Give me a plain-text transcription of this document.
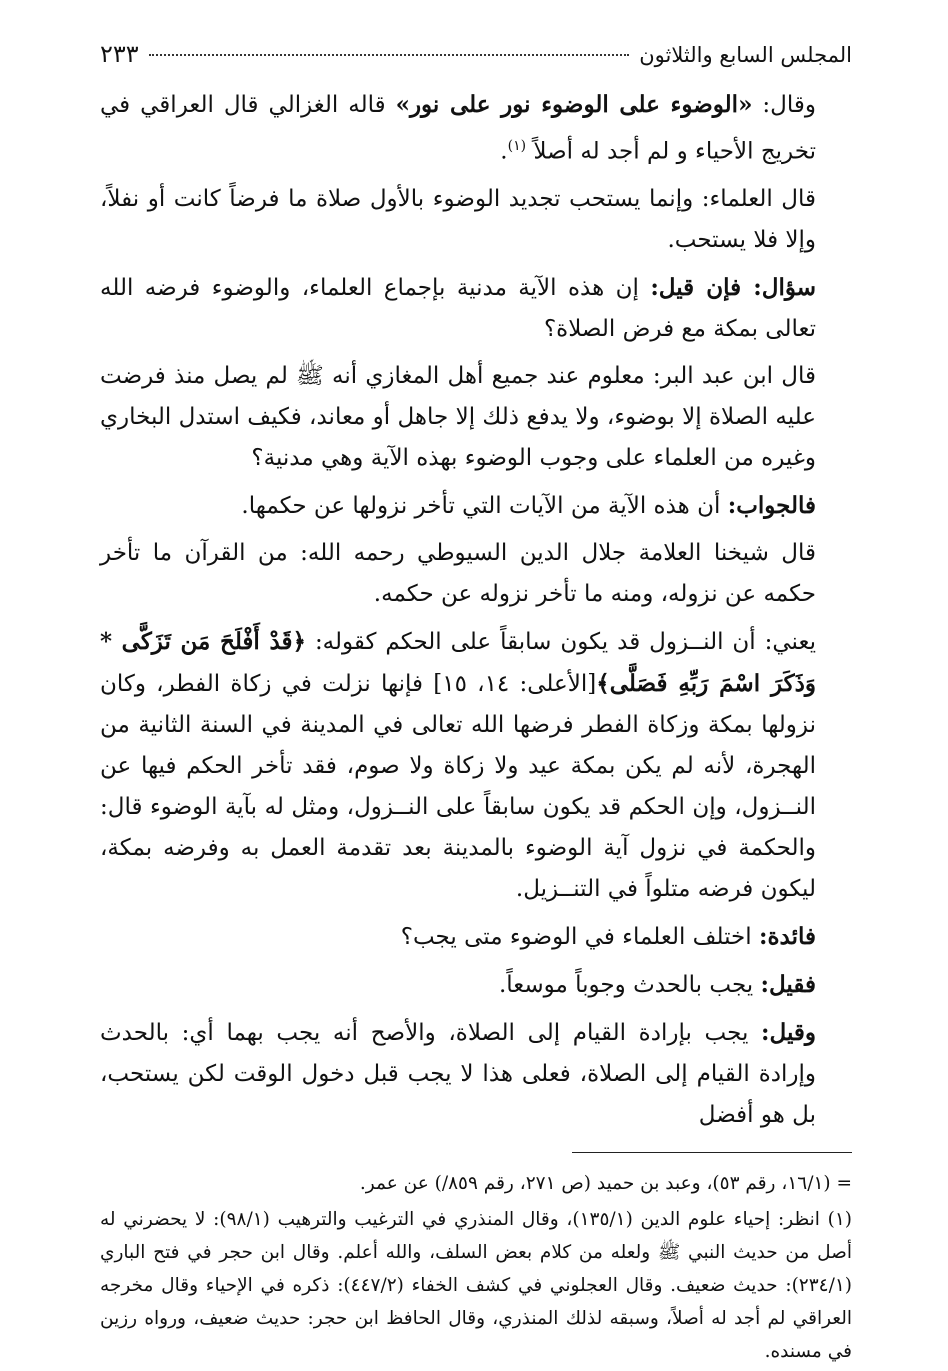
المجلس السابع والثلاثون
٢٣٣

وقال: «الوضوء على الوضوء نور على نور» قاله الغزالي قال العراقي في تخريج الأحياء و لم أجد له أصلاً $^{(١)}$.

قال العلماء: وإنما يستحب تجديد الوضوء بالأول صلاة ما فرضاً كانت أو نفلاً، وإلا فلا يستحب.

سؤال: فإن قيل: إن هذه الآية مدنية بإجماع العلماء، والوضوء فرضه الله تعالى بمكة مع فرض الصلاة؟

قال ابن عبد البر: معلوم عند جميع أهل المغازي أنه ﷺ لم يصل منذ فرضت عليه الصلاة إلا بوضوء، ولا يدفع ذلك إلا جاهل أو معاند، فكيف استدل البخاري وغيره من العلماء على وجوب الوضوء بهذه الآية وهي مدنية؟

فالجواب: أن هذه الآية من الآيات التي تأخر نزولها عن حكمها.

قال شيخنا العلامة جلال الدين السيوطي رحمه الله: من القرآن ما تأخر حكمه عن نزوله، ومنه ما تأخر نزوله عن حكمه.

يعني: أن النــزول قد يكون سابقاً على الحكم كقوله: ﴿قَدْ أَفْلَحَ مَن تَزَكَّى * وَذَكَرَ اسْمَ رَبِّهِ فَصَلَّى﴾[الأعلى: ١٤، ١٥] فإنها نزلت في زكاة الفطر، وكان نزولها بمكة وزكاة الفطر فرضها الله تعالى في المدينة في السنة الثانية من الهجرة، لأنه لم يكن بمكة عيد ولا زكاة ولا صوم، فقد تأخر الحكم فيها عن النــزول، وإن الحكم قد يكون سابقاً على النــزول، ومثل له بآية الوضوء قال: والحكمة في نزول آية الوضوء بالمدينة بعد تقدمة العمل به وفرضه بمكة، ليكون فرضه متلواً في التنــزيل.

فائدة: اختلف العلماء في الوضوء متى يجب؟

فقيل: يجب بالحدث وجوباً موسعاً.

وقيل: يجب بإرادة القيام إلى الصلاة، والأصح أنه يجب بهما أي: بالحدث وإرادة القيام إلى الصلاة، فعلى هذا لا يجب قبل دخول الوقت لكن يستحب، بل هو أفضل

= (١٦/١، رقم ٥٣)، وعبد بن حميد (ص ٢٧١، رقم ٨٥٩/) عن عمر.

(١) انظر: إحياء علوم الدين (١٣٥/١)، وقال المنذري في الترغيب والترهيب (٩٨/١): لا يحضرني له أصل من حديث النبي ﷺ ولعله من كلام بعض السلف، والله أعلم. وقال ابن حجر في فتح الباري (٢٣٤/١): حديث ضعيف. وقال العجلوني في كشف الخفاء (٤٤٧/٢): ذكره في الإحياء وقال مخرجه العراقي لم أجد له أصلاً، وسبقه لذلك المنذري، وقال الحافظ ابن حجر: حديث ضعيف، ورواه رزين في مسنده.
